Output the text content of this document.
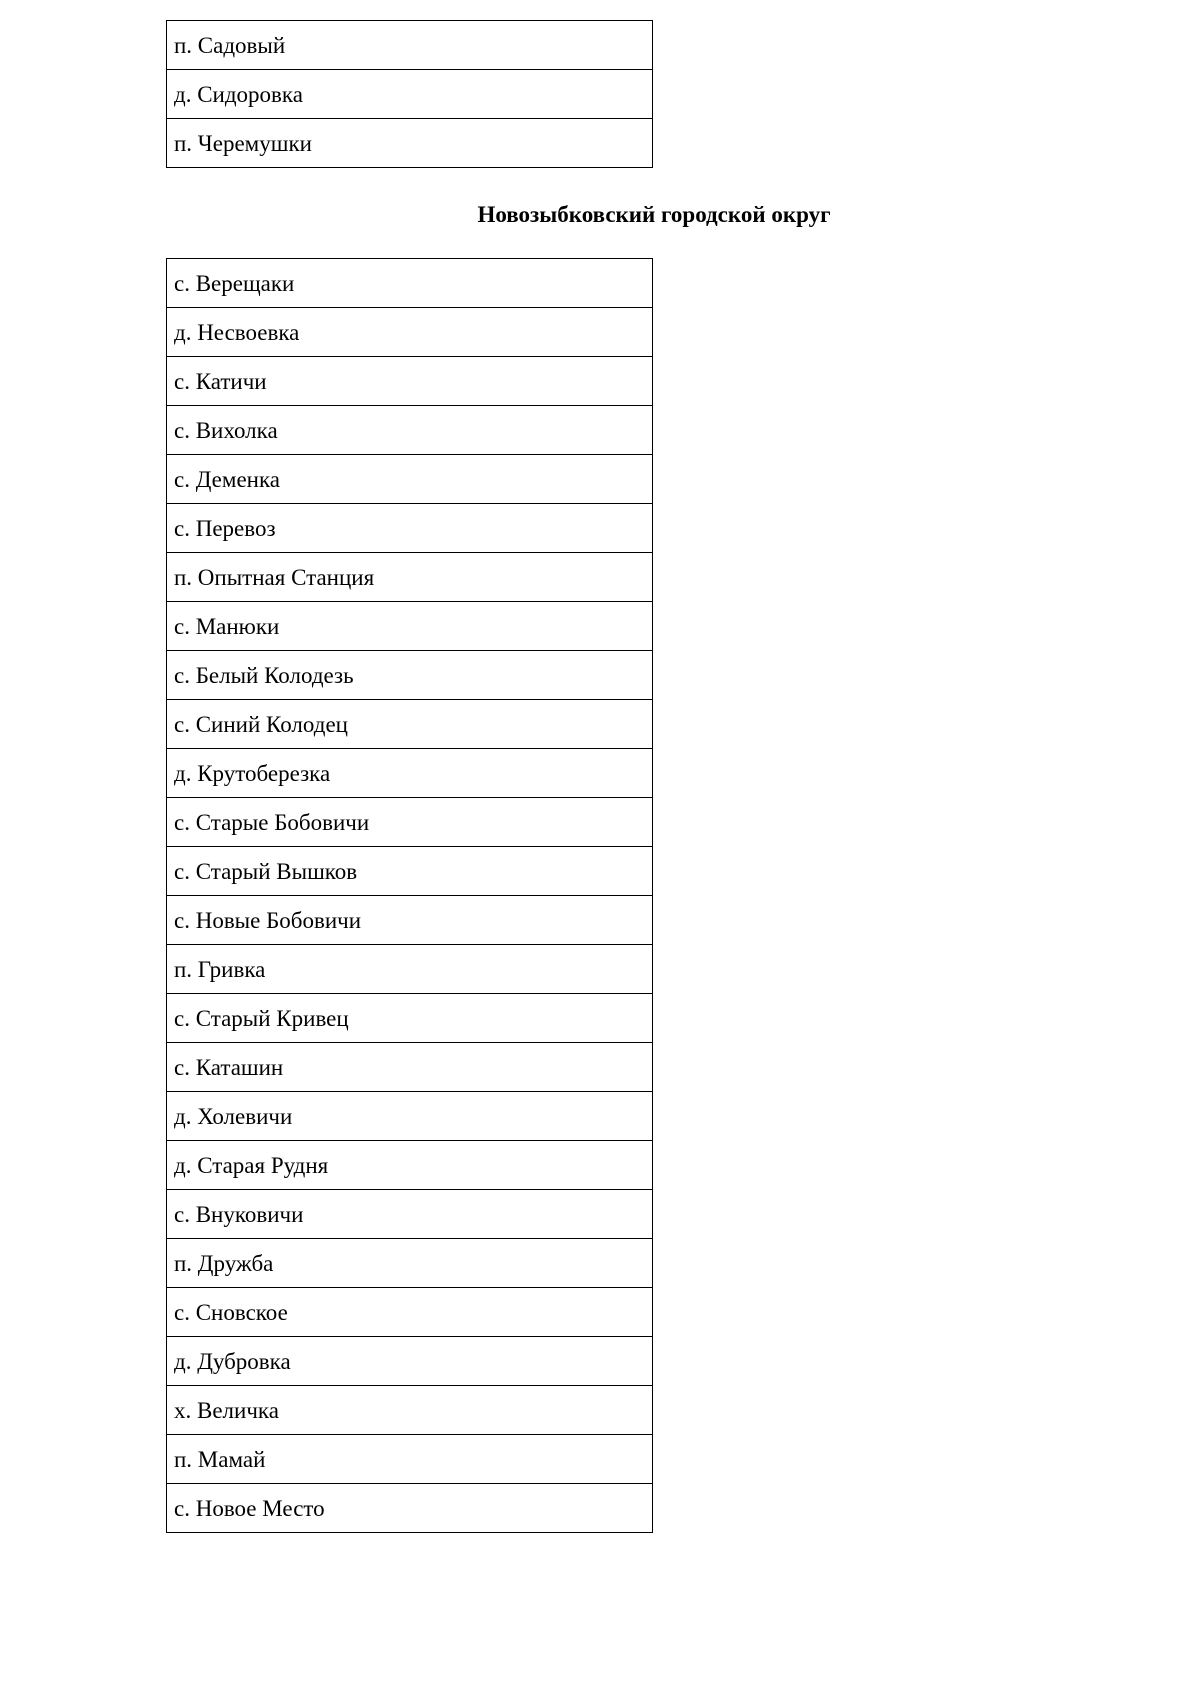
п. Садовый
д. Сидоровка
п. Черемушки
Новозыбковский городской округ
с. Верещаки
д. Несвоевка
с. Катичи
с. Вихолка
с. Деменка
с. Перевоз
п. Опытная Станция
с. Манюки
с. Белый Колодезь
с. Синий Колодец
д. Крутоберезка
с. Старые Бобовичи
с. Старый Вышков
с. Новые Бобовичи
п. Гривка
с. Старый Кривец
с. Каташин
д. Холевичи
д. Старая Рудня
с. Внуковичи
п. Дружба
с. Сновское
д. Дубровка
х. Величка
п. Мамай
с. Новое Место
